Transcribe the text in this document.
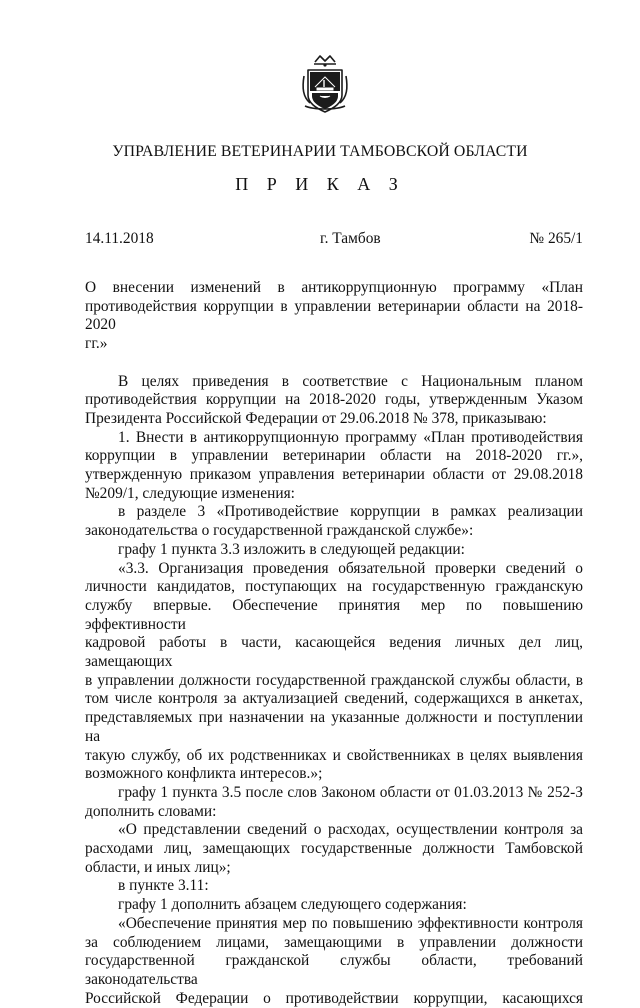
УПРАВЛЕНИЕ ВЕТЕРИНАРИИ ТАМБОВСКОЙ ОБЛАСТИ
П Р И К А З
14.11.2018	г. Тамбов	№ 265/1
О внесении изменений в антикоррупционную программу «План
противодействия коррупции в управлении ветеринарии области на 2018-2020
гг.»
В целях приведения в соответствие с Национальным планом
противодействия коррупции на 2018-2020 годы, утвержденным Указом
Президента Российской Федерации от 29.06.2018 № 378, приказываю:
1. Внести в антикоррупционную программу «План противодействия
коррупции в управлении ветеринарии области на 2018-2020 гг.»,
утвержденную приказом управления ветеринарии области от 29.08.2018
№209/1, следующие изменения:
в разделе 3 «Противодействие коррупции в рамках реализации
законодательства о государственной гражданской службе»:
графу 1 пункта 3.3 изложить в следующей редакции:
«3.3. Организация проведения обязательной проверки сведений о
личности кандидатов, поступающих на государственную гражданскую
службу впервые. Обеспечение принятия мер по повышению эффективности
кадровой работы в части, касающейся ведения личных дел лиц, замещающих
в управлении должности государственной гражданской службы области, в
том числе контроля за актуализацией сведений, содержащихся в анкетах,
представляемых при назначении на указанные должности и поступлении на
такую службу, об их родственниках и свойственниках в целях выявления
возможного конфликта интересов.»;
графу 1 пункта 3.5 после слов Законом области от 01.03.2013 № 252-З
дополнить словами:
«О представлении сведений о расходах, осуществлении контроля за
расходами лиц, замещающих государственные должности Тамбовской
области, и иных лиц»;
в пункте 3.11:
графу 1 дополнить абзацем следующего содержания:
«Обеспечение принятия мер по повышению эффективности контроля
за соблюдением лицами, замещающими в управлении должности
государственной гражданской службы области, требований законодательства
Российской Федерации о противодействии коррупции, касающихся
